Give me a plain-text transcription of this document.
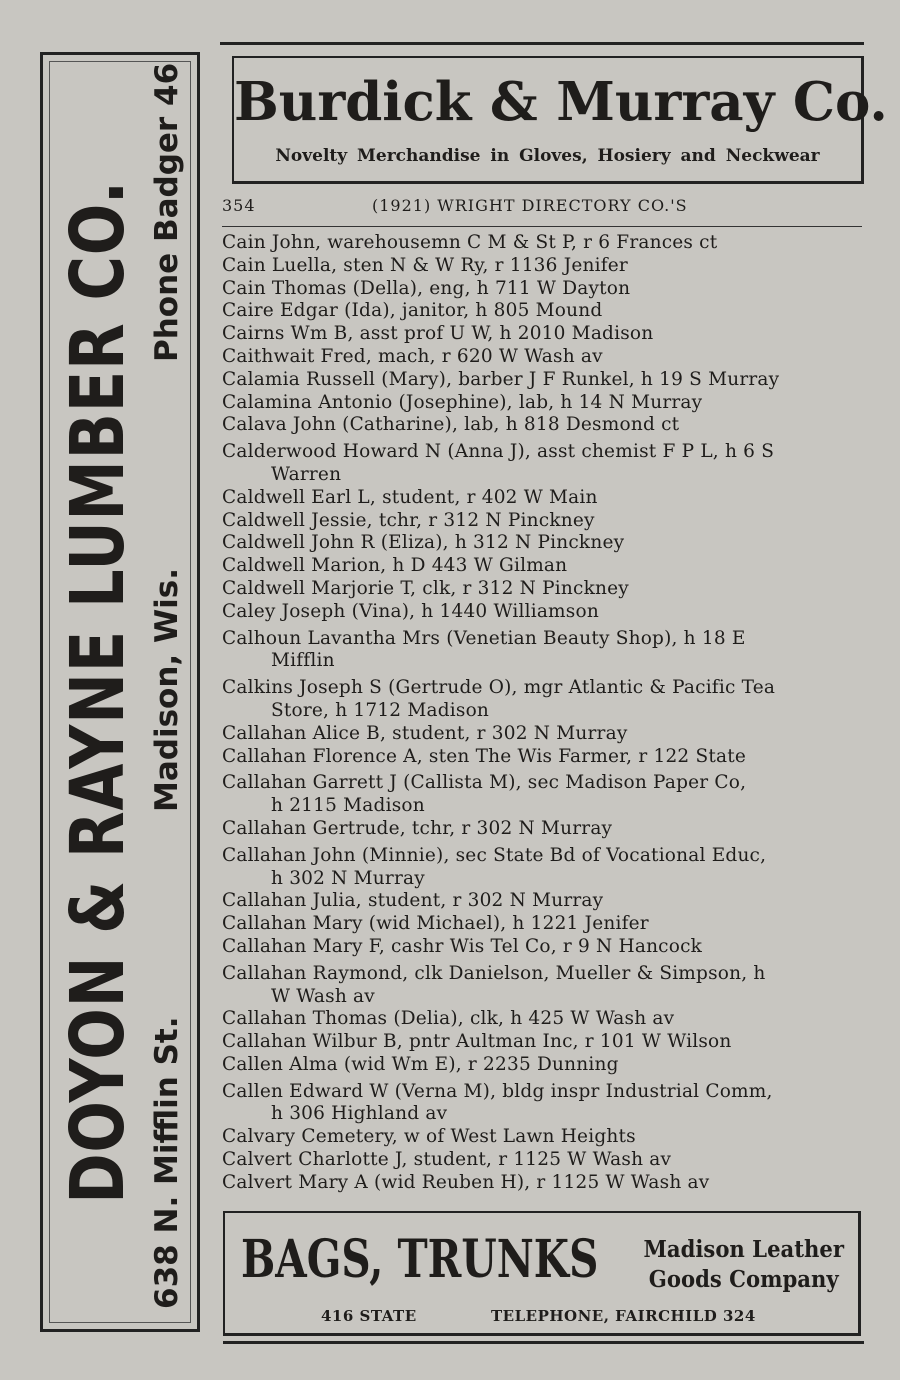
DOYON & RAYNE LUMBER CO. 638 N. Mifflin St.
Madison, Wis.
Phone Badger 46 Burdick & Murray Co.
Novelty Merchandise in Gloves, Hosiery and Neckwear
354	(1921) WRIGHT DIRECTORY CO.'S
Cain John, warehousemn C M & St P, r 6 Frances ct
Cain Luella, sten N & W Ry, r 1136 Jenifer
Cain Thomas (Della), eng, h 711 W Dayton
Caire Edgar (Ida), janitor, h 805 Mound
Cairns Wm B, asst prof U W, h 2010 Madison
Caithwait Fred, mach, r 620 W Wash av
Calamia Russell (Mary), barber J F Runkel, h 19 S Murray
Calamina Antonio (Josephine), lab, h 14 N Murray
Calava John (Catharine), lab, h 818 Desmond ct
Calderwood Howard N (Anna J), asst chemist F P L, h 6 S
Warren
Caldwell Earl L, student, r 402 W Main
Caldwell Jessie, tchr, r 312 N Pinckney
Caldwell John R (Eliza), h 312 N Pinckney
Caldwell Marion, h D 443 W Gilman
Caldwell Marjorie T, clk, r 312 N Pinckney
Caley Joseph (Vina), h 1440 Williamson
Calhoun Lavantha Mrs (Venetian Beauty Shop), h 18 E
Mifflin
Calkins Joseph S (Gertrude O), mgr Atlantic & Pacific Tea
Store, h 1712 Madison
Callahan Alice B, student, r 302 N Murray
Callahan Florence A, sten The Wis Farmer, r 122 State
Callahan Garrett J (Callista M), sec Madison Paper Co,
h 2115 Madison
Callahan Gertrude, tchr, r 302 N Murray
Callahan John (Minnie), sec State Bd of Vocational Educ,
h 302 N Murray
Callahan Julia, student, r 302 N Murray
Callahan Mary (wid Michael), h 1221 Jenifer
Callahan Mary F, cashr Wis Tel Co, r 9 N Hancock
Callahan Raymond, clk Danielson, Mueller & Simpson, h
W Wash av
Callahan Thomas (Delia), clk, h 425 W Wash av
Callahan Wilbur B, pntr Aultman Inc, r 101 W Wilson
Callen Alma (wid Wm E), r 2235 Dunning
Callen Edward W (Verna M), bldg inspr Industrial Comm,
h 306 Highland av
Calvary Cemetery, w of West Lawn Heights
Calvert Charlotte J, student, r 1125 W Wash av
Calvert Mary A (wid Reuben H), r 1125 W Wash av
BAGS, TRUNKS Madison Leather
Goods Company
416 STATE	TELEPHONE, FAIRCHILD 324
